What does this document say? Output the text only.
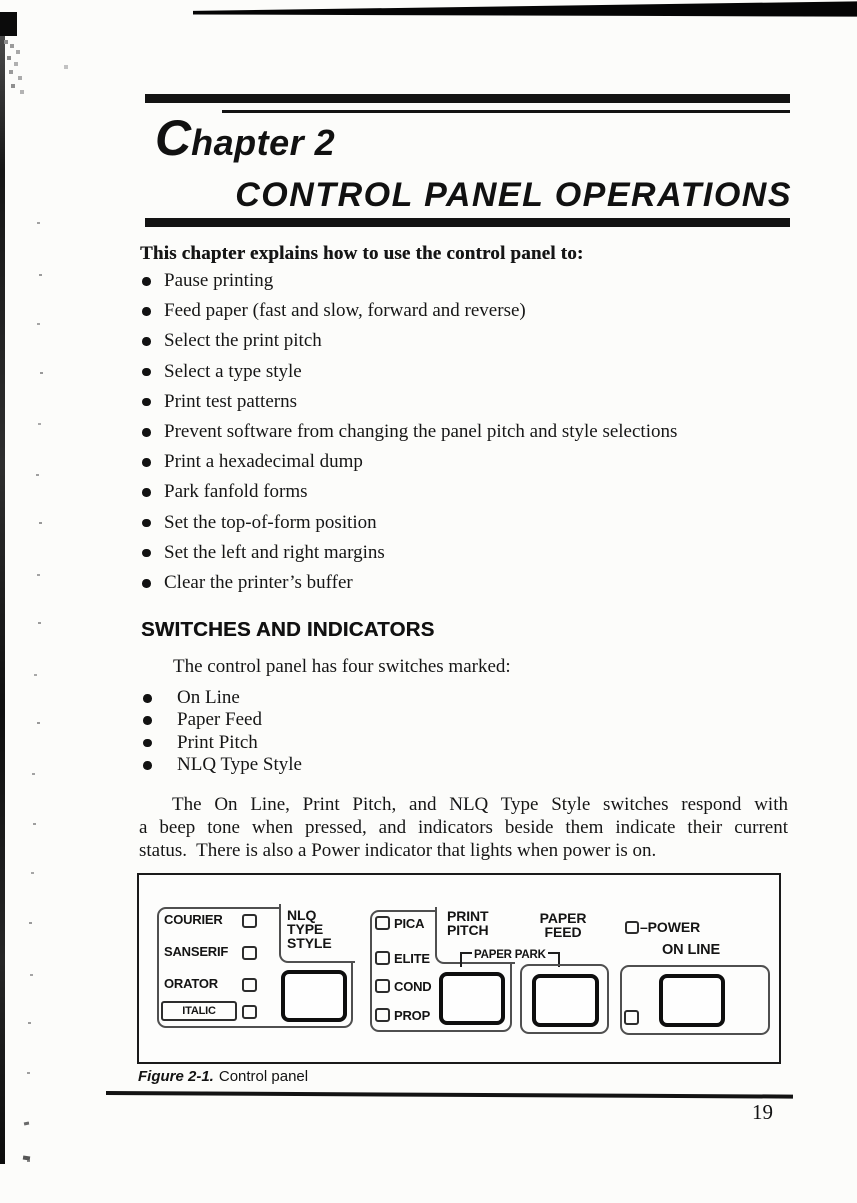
Chapter 2
CONTROL PANEL OPERATIONS

This chapter explains how to use the control panel to:

Pause printing
Feed paper (fast and slow, forward and reverse)
Select the print pitch
Select a type style
Print test patterns
Prevent software from changing the panel pitch and style selections
Print a hexadecimal dump
Park fanfold forms
Set the top-of-form position
Set the left and right margins
Clear the printer’s buffer
SWITCHES AND INDICATORS

The control panel has four switches marked:

On Line
Paper Feed
Print Pitch
NLQ Type Style
The On Line, Print Pitch, and NLQ Type Style switches respond with
a beep tone when pressed, and indicators beside them indicate their current
status.  There is also a Power indicator that lights when power is on.
COURIER
SANSERIF
ORATOR
ITALIC
NLQ
TYPE
STYLE
PICA
ELITE
COND
PROP
PRINT
PITCH
PAPER PARK
PAPER
FEED	–POWER
ON LINE
Figure 2-1. Control panel
19
